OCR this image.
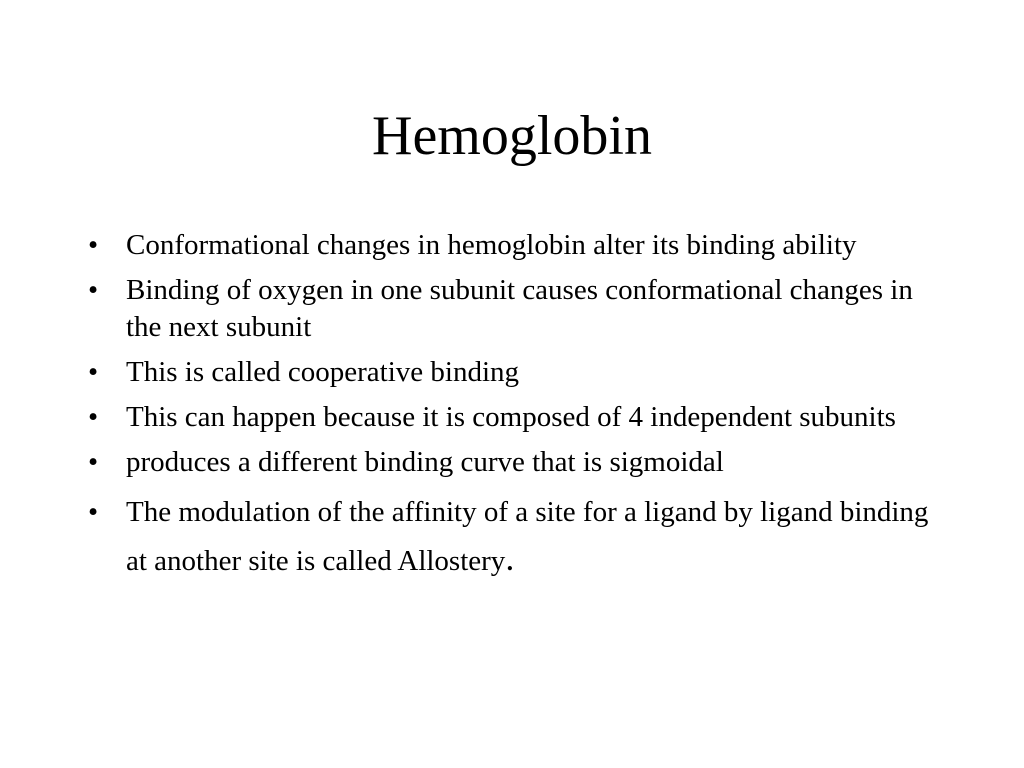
Hemoglobin
• Conformational changes in hemoglobin alter its binding ability
• Binding of oxygen in one subunit causes conformational changes in the next subunit
• This is called cooperative binding
• This can happen because it is composed of 4 independent subunits
• produces a different binding curve that is sigmoidal
• The modulation of the affinity of a site for a ligand by ligand binding at another site is called Allostery.
